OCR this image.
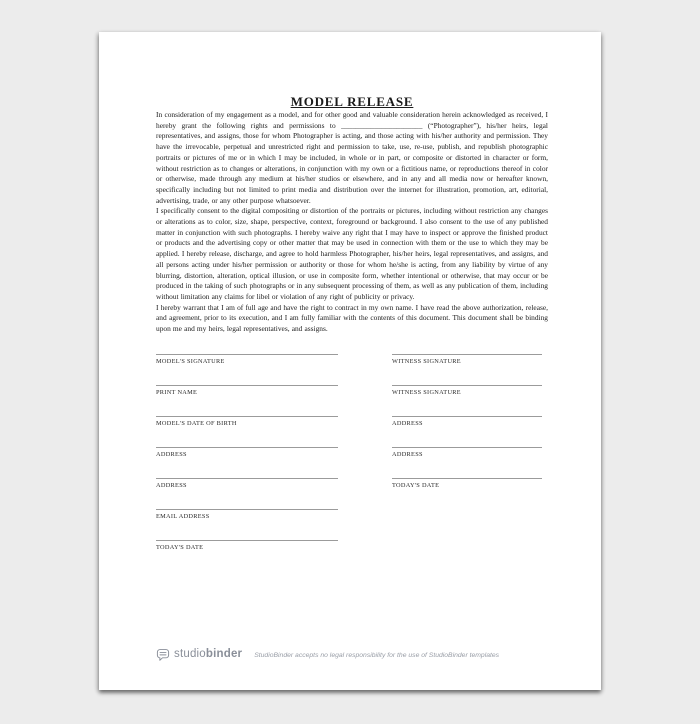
MODEL RELEASE

In consideration of my engagement as a model, and for other good and valuable consideration herein acknowledged as received, I hereby grant the following rights and permissions to ______________________ (“Photographer”), his/her heirs, legal representatives, and assigns, those for whom Photographer is acting, and those acting with his/her authority and permission. They have the irrevocable, perpetual and unrestricted right and permission to take, use, re-use, publish, and republish photographic portraits or pictures of me or in which I may be included, in whole or in part, or composite or distorted in character or form, without restriction as to changes or alterations, in conjunction with my own or a fictitious name, or reproductions thereof in color or otherwise, made through any medium at his/her studios or elsewhere, and in any and all media now or hereafter known, specifically including but not limited to print media and distribution over the internet for illustration, promotion, art, editorial, advertising, trade, or any other purpose whatsoever.

I specifically consent to the digital compositing or distortion of the portraits or pictures, including without restriction any changes or alterations as to color, size, shape, perspective, context, foreground or background. I also consent to the use of any published matter in conjunction with such photographs. I hereby waive any right that I may have to inspect or approve the finished product or products and the advertising copy or other matter that may be used in connection with them or the use to which they may be applied. I hereby release, discharge, and agree to hold harmless Photographer, his/her heirs, legal representatives, and assigns, and all persons acting under his/her permission or authority or those for whom he/she is acting, from any liability by virtue of any blurring, distortion, alteration, optical illusion, or use in composite form, whether intentional or otherwise, that may occur or be produced in the taking of such photographs or in any subsequent processing of them, as well as any publication of them, including without limitation any claims for libel or violation of any right of publicity or privacy.

I hereby warrant that I am of full age and have the right to contract in my own name. I have read the above authorization, release, and agreement, prior to its execution, and I am fully familiar with the contents of this document. This document shall be binding upon me and my heirs, legal representatives, and assigns.

MODEL'S SIGNATURE
PRINT NAME
MODEL'S DATE OF BIRTH
ADDRESS
ADDRESS
EMAIL ADDRESS
TODAY'S DATE
WITNESS SIGNATURE
WITNESS SIGNATURE
ADDRESS
ADDRESS
TODAY'S DATE
studiobinder StudioBinder accepts no legal responsibility for the use of StudioBinder templates
